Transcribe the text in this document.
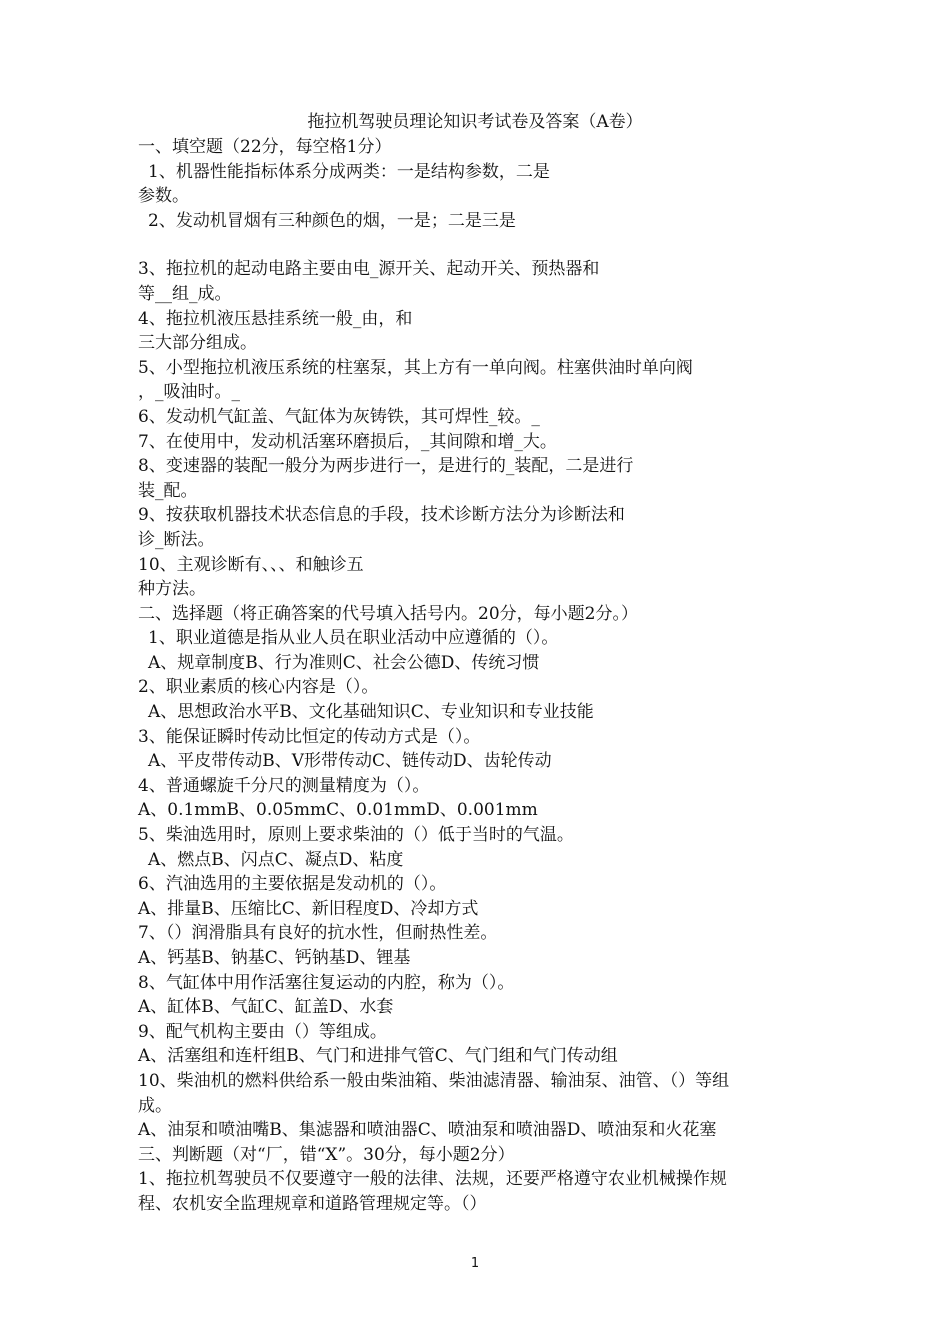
拖拉机驾驶员理论知识考试卷及答案（A卷）
一、填空题（22分，每空格1分）
1、机器性能指标体系分成两类：一是结构参数，二是
参数。
2、发动机冒烟有三种颜色的烟，一是；二是三是
3、拖拉机的起动电路主要由电_源开关、起动开关、预热器和
等__组_成。
4、拖拉机液压悬挂系统一般_由，和
三大部分组成。
5、小型拖拉机液压系统的柱塞泵，其上方有一单向阀。柱塞供油时单向阀
，_吸油时。_
6、发动机气缸盖、气缸体为灰铸铁，其可焊性_较。_
7、在使用中，发动机活塞环磨损后，_其间隙和增_大。
8、变速器的装配一般分为两步进行一，是进行的_装配，二是进行
装_配。
9、按获取机器技术状态信息的手段，技术诊断方法分为诊断法和
诊_断法。
10、主观诊断有、、、和触诊五
种方法。
二、选择题（将正确答案的代号填入括号内。20分，每小题2分。）
1、职业道德是指从业人员在职业活动中应遵循的（）。
A、规章制度B、行为准则C、社会公德D、传统习惯
2、职业素质的核心内容是（）。
A、思想政治水平B、文化基础知识C、专业知识和专业技能
3、能保证瞬时传动比恒定的传动方式是（）。
A、平皮带传动B、V形带传动C、链传动D、齿轮传动
4、普通螺旋千分尺的测量精度为（）。
A、0.1mmB、0.05mmC、0.01mmD、0.001mm
5、柴油选用时，原则上要求柴油的（）低于当时的气温。
A、燃点B、闪点C、凝点D、粘度
6、汽油选用的主要依据是发动机的（）。
A、排量B、压缩比C、新旧程度D、冷却方式
7、（）润滑脂具有良好的抗水性，但耐热性差。
A、钙基B、钠基C、钙钠基D、锂基
8、气缸体中用作活塞往复运动的内腔，称为（）。
A、缸体B、气缸C、缸盖D、水套
9、配气机构主要由（）等组成。
A、活塞组和连杆组B、气门和进排气管C、气门组和气门传动组
10、柴油机的燃料供给系一般由柴油箱、柴油滤清器、输油泵、油管、（）等组
成。
A、油泵和喷油嘴B、集滤器和喷油器C、喷油泵和喷油器D、喷油泵和火花塞
三、判断题（对“厂，错“X”。30分，每小题2分）
1、拖拉机驾驶员不仅要遵守一般的法律、法规，还要严格遵守农业机械操作规
程、农机安全监理规章和道路管理规定等。（）
1
